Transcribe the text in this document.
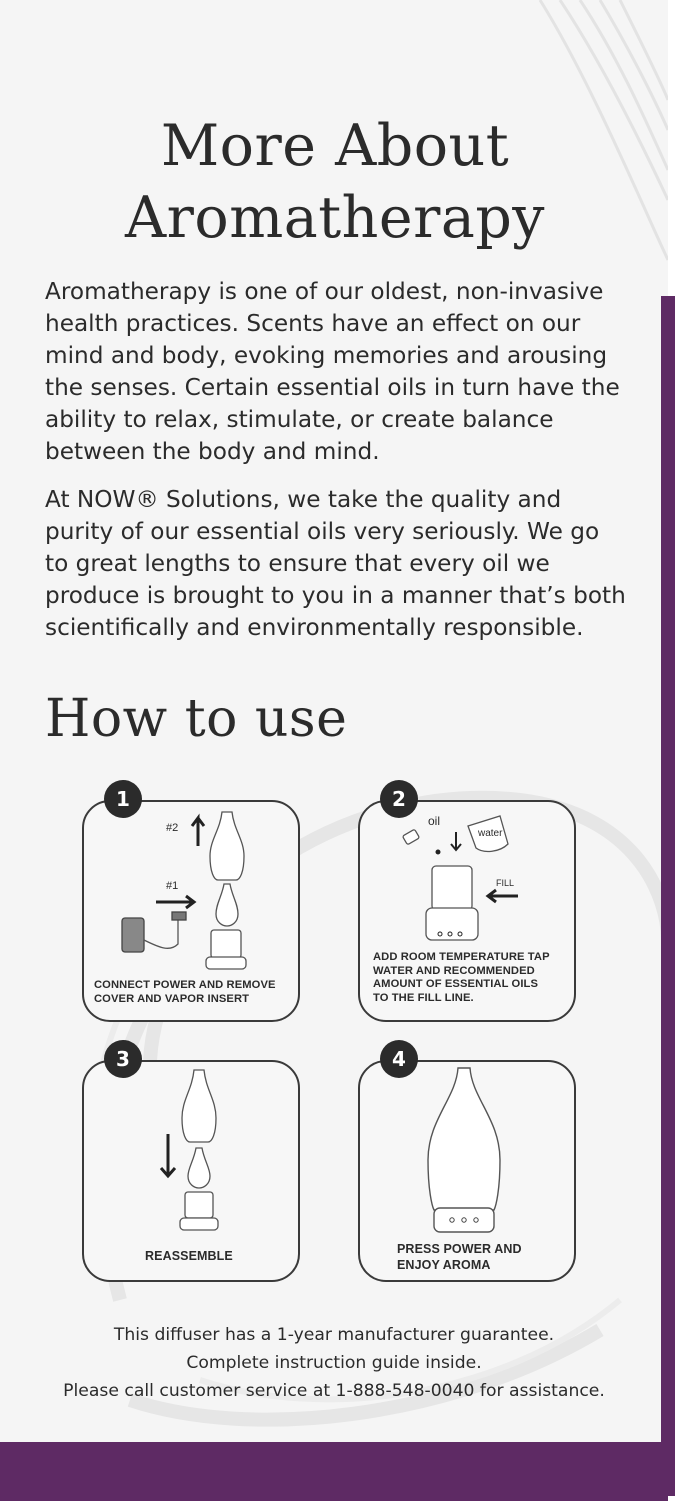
More About
Aromatherapy

Aromatherapy is one of our oldest, non-invasive
health practices. Scents have an effect on our
mind and body, evoking memories and arousing
the senses. Certain essential oils in turn have the
ability to relax, stimulate, or create balance
between the body and mind.

At NOW® Solutions, we take the quality and
purity of our essential oils very seriously. We go
to great lengths to ensure that every oil we
produce is brought to you in a manner that’s both
scientifically and environmentally responsible.

How to use
#2
#1
oil
water
FILL
1	2
3	4
CONNECT POWER AND REMOVE
COVER AND VAPOR INSERT
ADD ROOM TEMPERATURE TAP
WATER AND RECOMMENDED
AMOUNT OF ESSENTIAL OILS
TO THE FILL LINE.
REASSEMBLE	PRESS POWER AND
ENJOY AROMA
This diffuser has a 1-year manufacturer guarantee.
Complete instruction guide inside.
Please call customer service at 1-888-548-0040 for assistance.
